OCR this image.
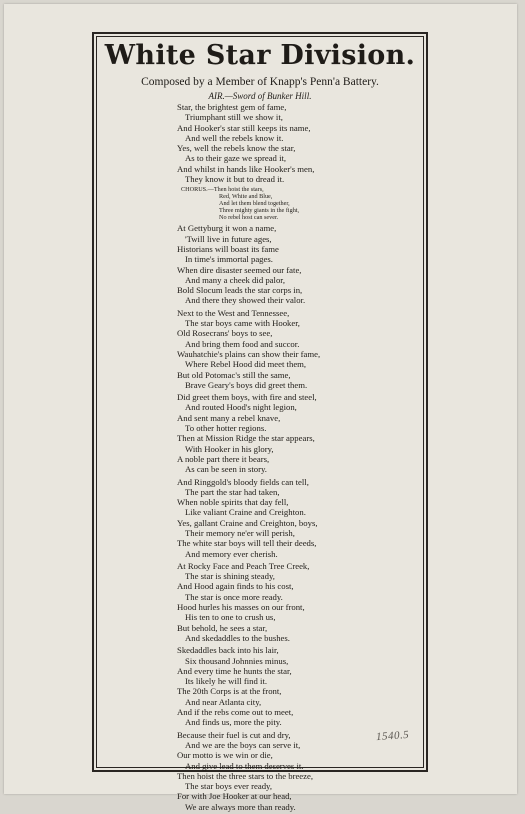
White Star Division.
Composed by a Member of Knapp's Penn'a Battery.
AIR.—Sword of Bunker Hill.
Star, the brightest gem of fame,
Triumphant still we show it,
And Hooker's star still keeps its name,
And well the rebels know it.
Yes, well the rebels know the star,
As to their gaze we spread it,
And whilst in hands like Hooker's men,
They know it but to dread it.
CHORUS.—Then hoist the stars,
Red, White and Blue,
And let them blend together,
Three mighty giants in the fight,
No rebel host can sever.
At Gettyburg it won a name,
'Twill live in future ages,
Historians will boast its fame
In time's immortal pages.
When dire disaster seemed our fate,
And many a cheek did palor,
Bold Slocum leads the star corps in,
And there they showed their valor.
Next to the West and Tennessee,
The star boys came with Hooker,
Old Rosecrans' boys to see,
And bring them food and succor.
Wauhatchie's plains can show their fame,
Where Rebel Hood did meet them,
But old Potomac's still the same,
Brave Geary's boys did greet them.
Did greet them boys, with fire and steel,
And routed Hood's night legion,
And sent many a rebel knave,
To other hotter regions.
Then at Mission Ridge the star appears,
With Hooker in his glory,
A noble part there it bears,
As can be seen in story.
And Ringgold's bloody fields can tell,
The part the star had taken,
When noble spirits that day fell,
Like valiant Craine and Creighton.
Yes, gallant Craine and Creighton, boys,
Their memory ne'er will perish,
The white star boys will tell their deeds,
And memory ever cherish.
At Rocky Face and Peach Tree Creek,
The star is shining steady,
And Hood again finds to his cost,
The star is once more ready.
Hood hurles his masses on our front,
His ten to one to crush us,
But behold, he sees a star,
And skedaddles to the bushes.
Skedaddles back into his lair,
Six thousand Johnnies minus,
And every time he hunts the star,
Its likely he will find it.
The 20th Corps is at the front,
And near Atlanta city,
And if the rebs come out to meet,
And finds us, more the pity.
Because their fuel is cut and dry,
And we are the boys can serve it,
Our motto is we win or die,
And give lead to them deserves it.
Then hoist the three stars to the breeze,
The star boys ever ready,
For with Joe Hooker at our head,
We are always more than ready.
1540.5
